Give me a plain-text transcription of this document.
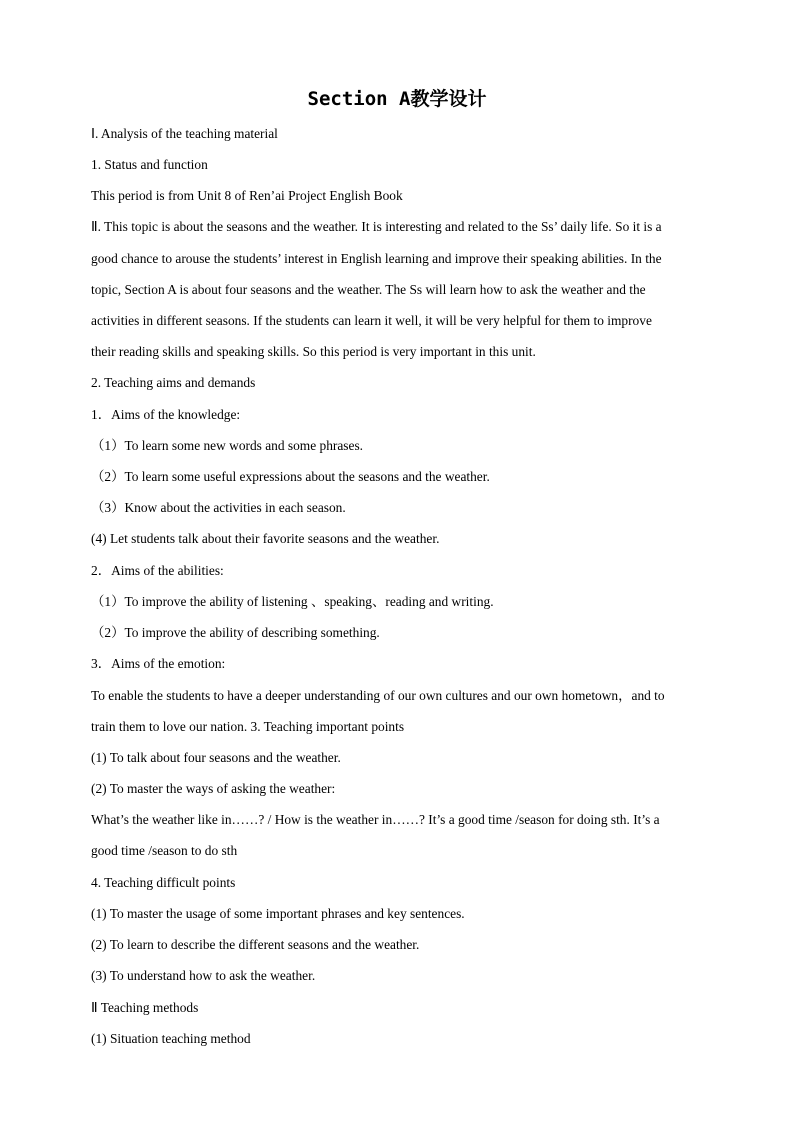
Section A教学设计
Ⅰ. Analysis of the teaching material
1. Status and function
This period is from Unit 8 of Ren’ai Project English Book
Ⅱ. This topic is about the seasons and the weather. It is interesting and related to the Ss’ daily life. So it is a
good chance to arouse the students’ interest in English learning and improve their speaking abilities. In the
topic, Section A is about four seasons and the weather. The Ss will learn how to ask the weather and the
activities in different seasons. If the students can learn it well, it will be very helpful for them to improve
their reading skills and speaking skills. So this period is very important in this unit.
2. Teaching aims and demands
1．Aims of the knowledge:
（1）To learn some new words and some phrases.
（2）To learn some useful expressions about the seasons and the weather.
（3）Know about the activities in each season.
(4) Let students talk about their favorite seasons and the weather.
2．Aims of the abilities:
（1）To improve the ability of listening 、speaking、reading and writing.
（2）To improve the ability of describing something.
3．Aims of the emotion:
To enable the students to have a deeper understanding of our own cultures and our own hometown，and to
train them to love our nation. 3. Teaching important points
(1) To talk about four seasons and the weather.
(2) To master the ways of asking the weather:
What’s the weather like in……? / How is the weather in……? It’s a good time /season for doing sth. It’s a
good time /season to do sth
4. Teaching difficult points
(1) To master the usage of some important phrases and key sentences.
(2) To learn to describe the different seasons and the weather.
(3) To understand how to ask the weather.
Ⅱ Teaching methods
(1) Situation teaching method
